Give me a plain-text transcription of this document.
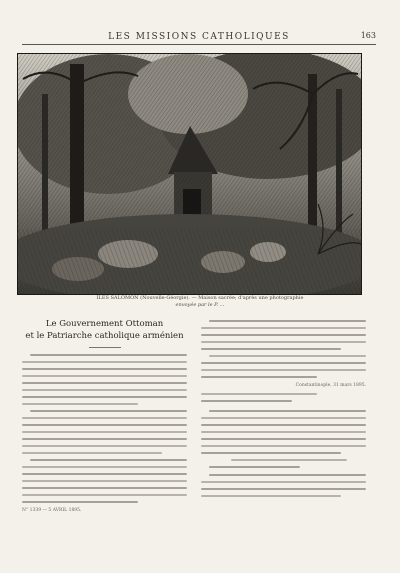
LES MISSIONS CATHOLIQUES	163
ILES SALOMON (Nouvelle-Géorgie). — Maison sacrée; d'après une photographie
envoyée par le P. ...
Le Gouvernement Ottoman
et le Patriarche catholique arménien
N° 1339 — 5 AVRIL 1895.
Constantinople, 31 mars 1895.
